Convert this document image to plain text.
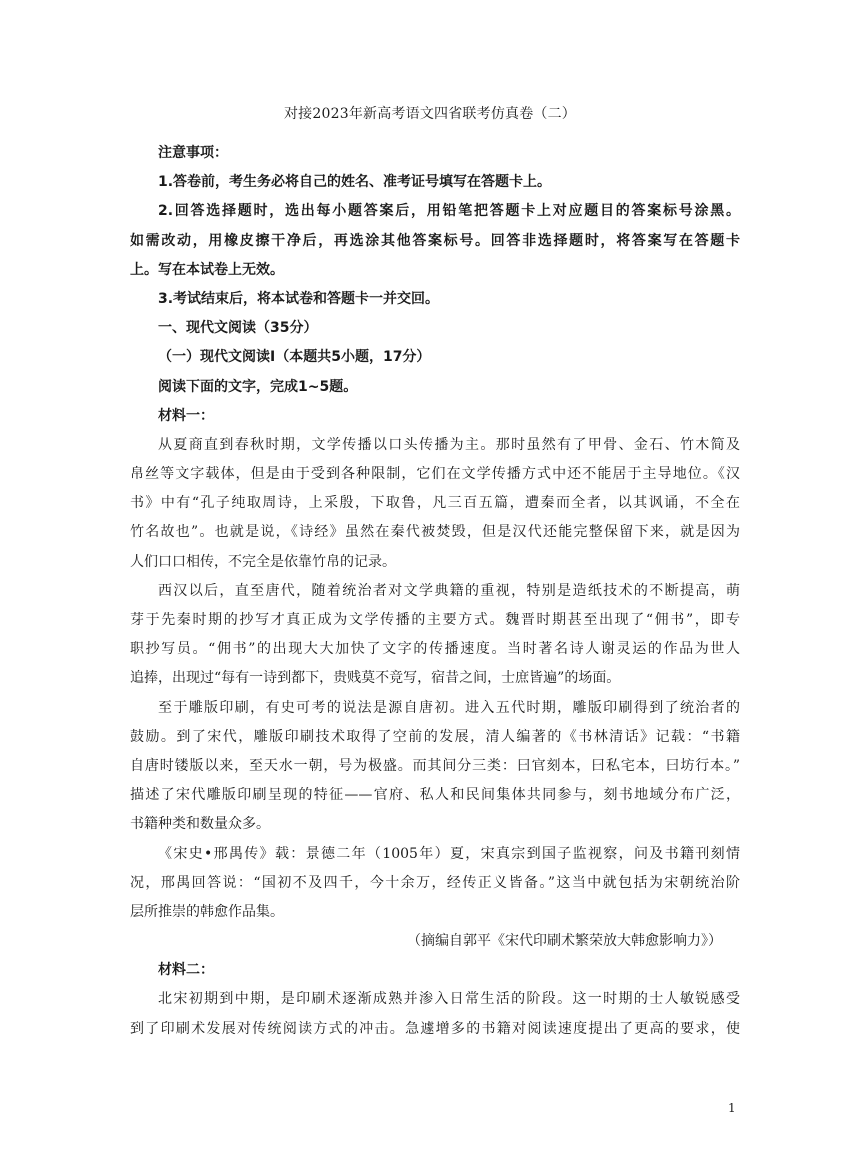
对接2023年新高考语文四省联考仿真卷（二）
注意事项：
1.答卷前，考生务必将自己的姓名、准考证号填写在答题卡上。
2.回答选择题时，选出每小题答案后，用铅笔把答题卡上对应题目的答案标号涂黑。
如需改动，用橡皮擦干净后，再选涂其他答案标号。回答非选择题时，将答案写在答题卡
上。写在本试卷上无效。
3.考试结束后，将本试卷和答题卡一并交回。
一、现代文阅读（35分）
（一）现代文阅读Ⅰ（本题共5小题，17分）
阅读下面的文字，完成1~5题。
材料一：
从夏商直到春秋时期，文学传播以口头传播为主。那时虽然有了甲骨、金石、竹木简及
帛丝等文字载体，但是由于受到各种限制，它们在文学传播方式中还不能居于主导地位。《汉
书》中有“孔子纯取周诗，上采殷，下取鲁，凡三百五篇，遭秦而全者，以其讽诵，不全在
竹名故也”。也就是说，《诗经》虽然在秦代被焚毁，但是汉代还能完整保留下来，就是因为
人们口口相传，不完全是依靠竹帛的记录。
西汉以后，直至唐代，随着统治者对文学典籍的重视，特别是造纸技术的不断提高，萌
芽于先秦时期的抄写才真正成为文学传播的主要方式。魏晋时期甚至出现了“佣书”，即专
职抄写员。“佣书”的出现大大加快了文字的传播速度。当时著名诗人谢灵运的作品为世人
追捧，出现过“每有一诗到都下，贵贱莫不竞写，宿昔之间，士庶皆遍”的场面。
至于雕版印刷，有史可考的说法是源自唐初。进入五代时期，雕版印刷得到了统治者的
鼓励。到了宋代，雕版印刷技术取得了空前的发展，清人编著的《书林清话》记载：“书籍
自唐时镂版以来，至天水一朝，号为极盛。而其间分三类：曰官刻本，曰私宅本，曰坊行本。”
描述了宋代雕版印刷呈现的特征——官府、私人和民间集体共同参与，刻书地域分布广泛，
书籍种类和数量众多。
《宋史•邢禺传》载：景德二年（1005年）夏，宋真宗到国子监视察，问及书籍刊刻情
况，邢禺回答说：“国初不及四千，今十余万，经传正义皆备。”这当中就包括为宋朝统治阶
层所推崇的韩愈作品集。
（摘编自郭平《宋代印刷术繁荣放大韩愈影响力》）
材料二：
北宋初期到中期，是印刷术逐渐成熟并渗入日常生活的阶段。这一时期的士人敏锐感受
到了印刷术发展对传统阅读方式的冲击。急遽增多的书籍对阅读速度提出了更高的要求，使
1
